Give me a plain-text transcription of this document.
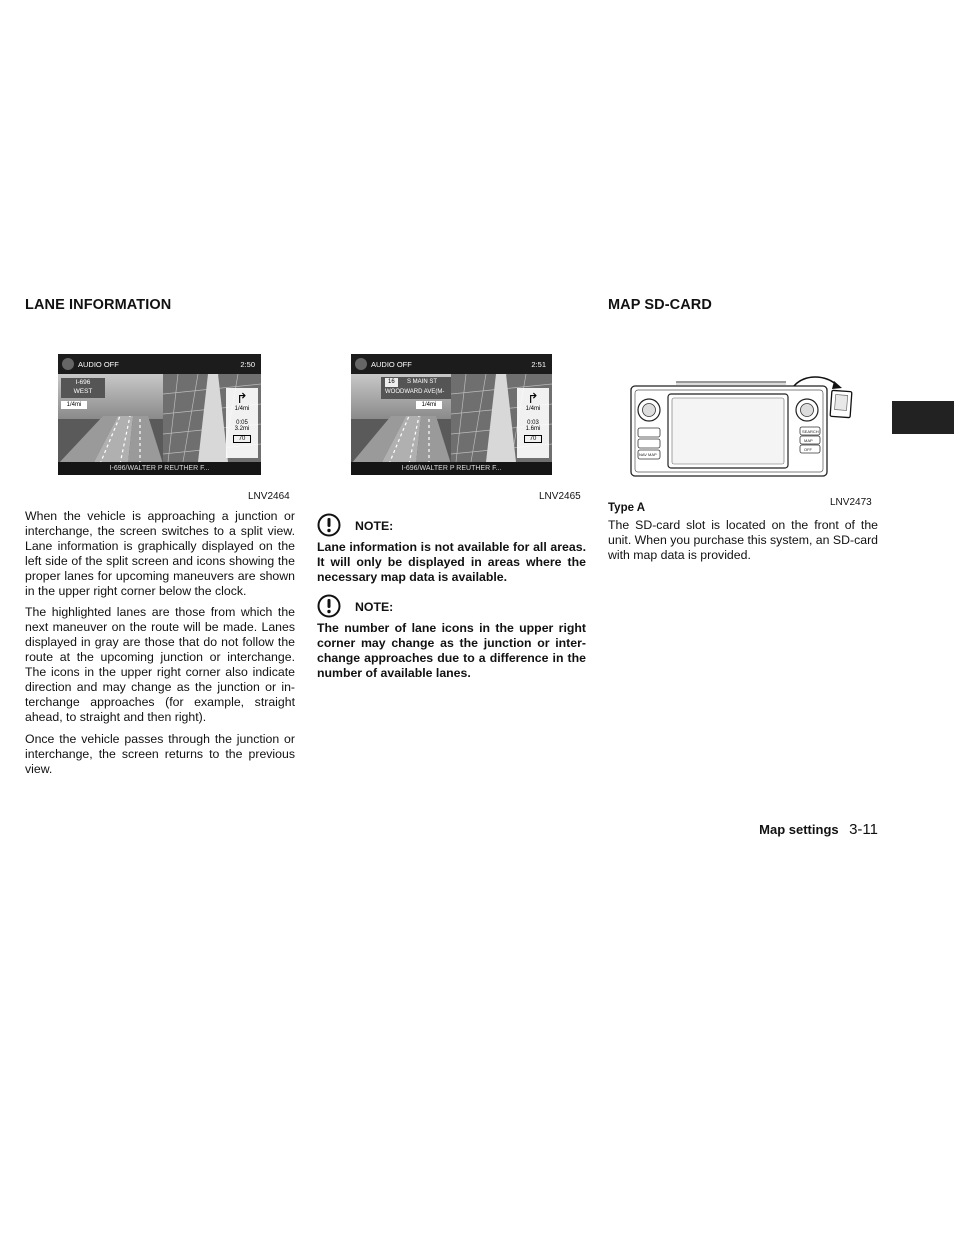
LANE INFORMATION
AUDIO OFF	2:50
I-696
WEST
1/4mi	↱
1/4mi
0:05
3.2mi
70
I-696/WALTER P REUTHER F...
LNV2464

When the vehicle is approaching a junction or interchange, the screen switches to a split view. Lane information is graphically displayed on the left side of the split screen and icons showing the proper lanes for upcoming maneuvers are shown in the upper right corner below the clock.

The highlighted lanes are those from which the next maneuver on the route will be made. Lanes displayed in gray are those that do not follow the route at the upcoming junction or interchange. The icons in the upper right corner also indicate direction and may change as the junction or in-terchange approaches (for example, straight ahead, to straight and then right).

Once the vehicle passes through the junction or interchange, the screen returns to the previous view.

AUDIO OFF	2:51
16	S MAIN ST
WOODWARD AVE(M-
1/4mi	↱
1/4mi
0:03
1.6mi
70
I-696/WALTER P REUTHER F...
LNV2465
NOTE:

Lane information is not available for all areas. It will only be displayed in areas where the necessary map data is available.

NOTE:

The number of lane icons in the upper right corner may change as the junction or inter-change approaches due to a difference in the number of available lanes.

MAP SD-CARD
SEARCH
MAP
OFF
NAV MAP
LNV2473
Type A

The SD-card slot is located on the front of the unit. When you purchase this system, an SD-card with map data is provided.

Map settings 3-11
